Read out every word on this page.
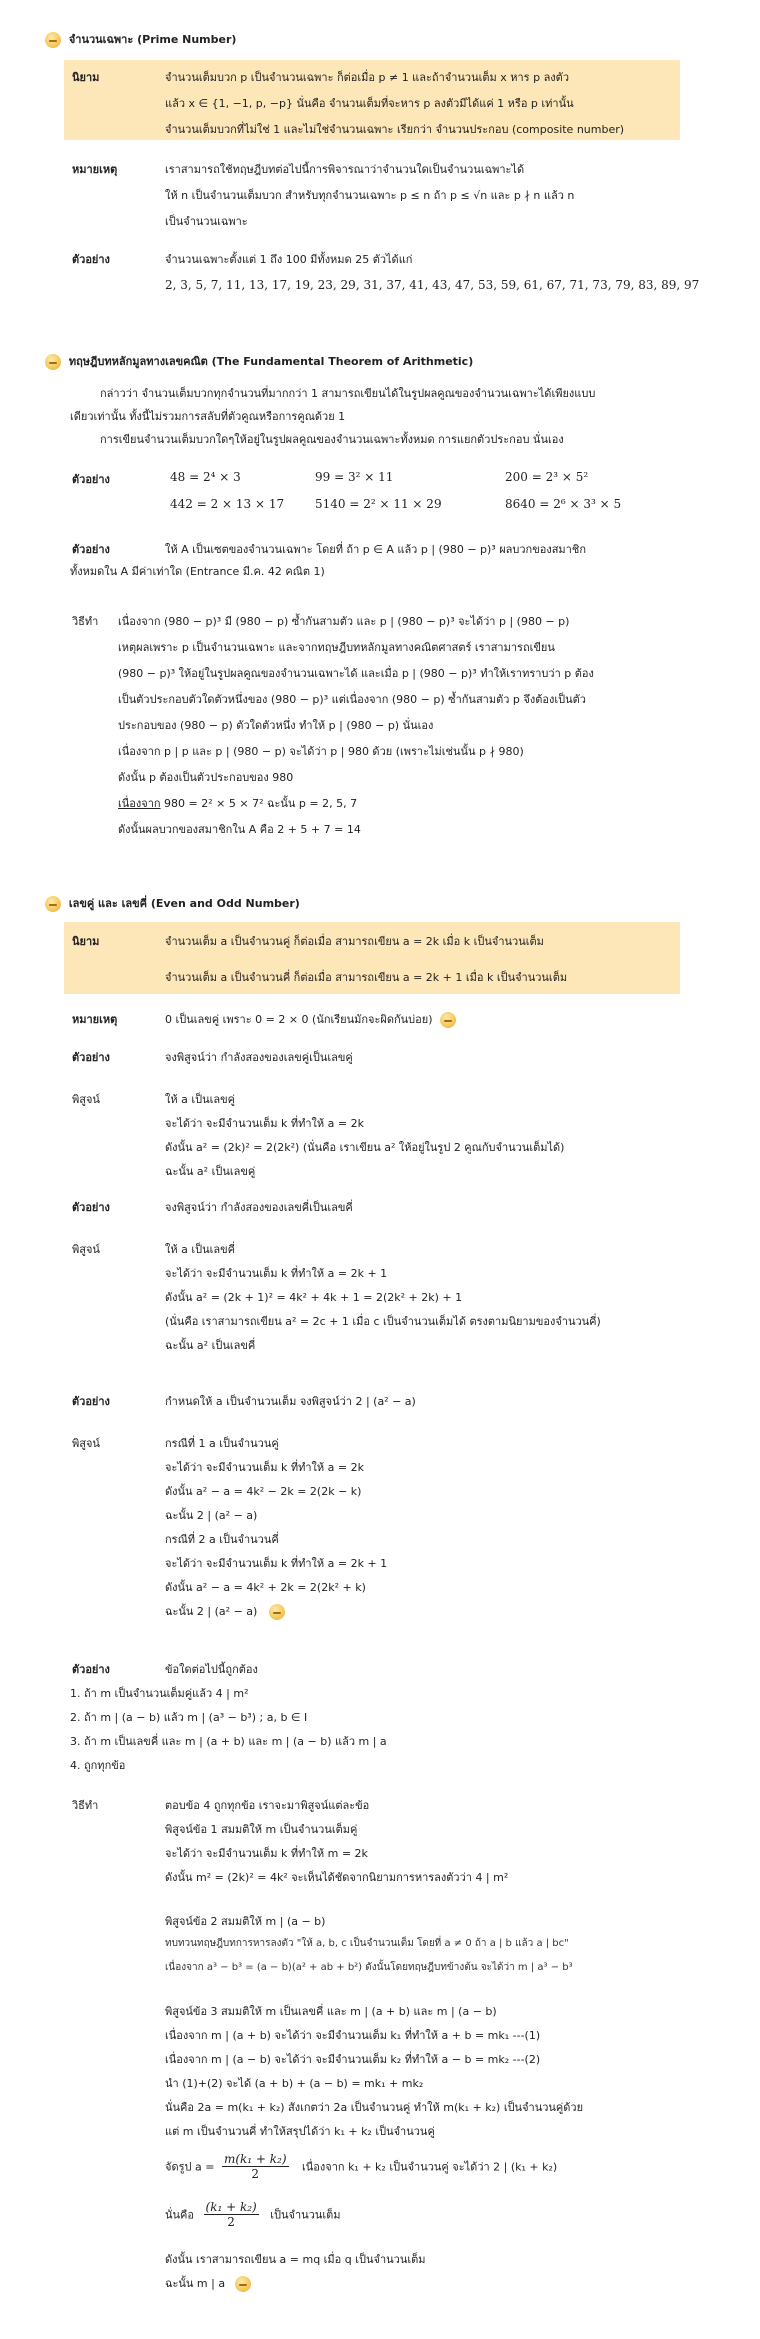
จำนวนเฉพาะ (Prime Number)
นิยาม	จำนวนเต็มบวก p เป็นจำนวนเฉพาะ ก็ต่อเมื่อ p ≠ 1 และถ้าจำนวนเต็ม x หาร p ลงตัว
แล้ว x ∈ {1, −1, p, −p} นั่นคือ จำนวนเต็มที่จะหาร p ลงตัวมีได้แค่ 1 หรือ p เท่านั้น
จำนวนเต็มบวกที่ไม่ใช่ 1 และไม่ใช่จำนวนเฉพาะ เรียกว่า จำนวนประกอบ (composite number)
หมายเหตุ	เราสามารถใช้ทฤษฎีบทต่อไปนี้การพิจารณาว่าจำนวนใดเป็นจำนวนเฉพาะได้
ให้ n เป็นจำนวนเต็มบวก สำหรับทุกจำนวนเฉพาะ p ≤ n ถ้า p ≤ √n และ p ∤ n แล้ว n
เป็นจำนวนเฉพาะ
ตัวอย่าง	จำนวนเฉพาะตั้งแต่ 1 ถึง 100 มีทั้งหมด 25 ตัวได้แก่
2, 3, 5, 7, 11, 13, 17, 19, 23, 29, 31, 37, 41, 43, 47, 53, 59, 61, 67, 71, 73, 79, 83, 89, 97
ทฤษฎีบทหลักมูลทางเลขคณิต (The Fundamental Theorem of Arithmetic)
กล่าวว่า จำนวนเต็มบวกทุกจำนวนที่มากกว่า 1 สามารถเขียนได้ในรูปผลคูณของจำนวนเฉพาะได้เพียงแบบ
เดียวเท่านั้น ทั้งนี้ไม่รวมการสลับที่ตัวคูณหรือการคูณด้วย 1
การเขียนจำนวนเต็มบวกใดๆให้อยู่ในรูปผลคูณของจำนวนเฉพาะทั้งหมด การแยกตัวประกอบ นั่นเอง
ตัวอย่าง	48 = 2⁴ × 3	99 = 3² × 11	200 = 2³ × 5²
442 = 2 × 13 × 17	5140 = 2² × 11 × 29	8640 = 2⁶ × 3³ × 5
ตัวอย่าง	ให้ A เป็นเซตของจำนวนเฉพาะ โดยที่ ถ้า p ∈ A แล้ว p | (980 − p)³ ผลบวกของสมาชิก
ทั้งหมดใน A มีค่าเท่าใด (Entrance มี.ค. 42 คณิต 1)
วิธีทำ เนื่องจาก (980 − p)³ มี (980 − p) ซ้ำกันสามตัว และ p | (980 − p)³ จะได้ว่า p | (980 − p)
เหตุผลเพราะ p เป็นจำนวนเฉพาะ และจากทฤษฎีบทหลักมูลทางคณิตศาสตร์ เราสามารถเขียน
(980 − p)³ ให้อยู่ในรูปผลคูณของจำนวนเฉพาะได้ และเมื่อ p | (980 − p)³ ทำให้เราทราบว่า p ต้อง
เป็นตัวประกอบตัวใดตัวหนึ่งของ (980 − p)³ แต่เนื่องจาก (980 − p) ซ้ำกันสามตัว p จึงต้องเป็นตัว
ประกอบของ (980 − p) ตัวใดตัวหนึ่ง ทำให้ p | (980 − p) นั่นเอง
เนื่องจาก p | p และ p | (980 − p) จะได้ว่า p | 980 ด้วย (เพราะไม่เช่นนั้น p ∤ 980)
ดังนั้น p ต้องเป็นตัวประกอบของ 980
เนื่องจาก 980 = 2² × 5 × 7² ฉะนั้น p = 2, 5, 7
ดังนั้นผลบวกของสมาชิกใน A คือ 2 + 5 + 7 = 14
เลขคู่ และ เลขคี่ (Even and Odd Number)
นิยาม	จำนวนเต็ม a เป็นจำนวนคู่ ก็ต่อเมื่อ สามารถเขียน a = 2k เมื่อ k เป็นจำนวนเต็ม
จำนวนเต็ม a เป็นจำนวนคี่ ก็ต่อเมื่อ สามารถเขียน a = 2k + 1 เมื่อ k เป็นจำนวนเต็ม
หมายเหตุ	0 เป็นเลขคู่ เพราะ 0 = 2 × 0 (นักเรียนมักจะผิดกันบ่อย)
ตัวอย่าง	จงพิสูจน์ว่า กำลังสองของเลขคู่เป็นเลขคู่
พิสูจน์	ให้ a เป็นเลขคู่
จะได้ว่า จะมีจำนวนเต็ม k ที่ทำให้ a = 2k
ดังนั้น a² = (2k)² = 2(2k²) (นั่นคือ เราเขียน a² ให้อยู่ในรูป 2 คูณกับจำนวนเต็มได้)
ฉะนั้น a² เป็นเลขคู่
ตัวอย่าง	จงพิสูจน์ว่า กำลังสองของเลขคี่เป็นเลขคี่
พิสูจน์	ให้ a เป็นเลขคี่
จะได้ว่า จะมีจำนวนเต็ม k ที่ทำให้ a = 2k + 1
ดังนั้น a² = (2k + 1)² = 4k² + 4k + 1 = 2(2k² + 2k) + 1
(นั่นคือ เราสามารถเขียน a² = 2c + 1 เมื่อ c เป็นจำนวนเต็มได้ ตรงตามนิยามของจำนวนคี่)
ฉะนั้น a² เป็นเลขคี่
ตัวอย่าง	กำหนดให้ a เป็นจำนวนเต็ม จงพิสูจน์ว่า 2 | (a² − a)
พิสูจน์	กรณีที่ 1 a เป็นจำนวนคู่
จะได้ว่า จะมีจำนวนเต็ม k ที่ทำให้ a = 2k
ดังนั้น a² − a = 4k² − 2k = 2(2k − k)
ฉะนั้น 2 | (a² − a)
กรณีที่ 2 a เป็นจำนวนคี่
จะได้ว่า จะมีจำนวนเต็ม k ที่ทำให้ a = 2k + 1
ดังนั้น a² − a = 4k² + 2k = 2(2k² + k)
ฉะนั้น 2 | (a² − a)
ตัวอย่าง	ข้อใดต่อไปนี้ถูกต้อง
1. ถ้า m เป็นจำนวนเต็มคู่แล้ว 4 | m²
2. ถ้า m | (a − b) แล้ว m | (a³ − b³) ; a, b ∈ I
3. ถ้า m เป็นเลขคี่ และ m | (a + b) และ m | (a − b) แล้ว m | a
4. ถูกทุกข้อ
วิธีทำ	ตอบข้อ 4 ถูกทุกข้อ เราจะมาพิสูจน์แต่ละข้อ
พิสูจน์ข้อ 1 สมมติให้ m เป็นจำนวนเต็มคู่
จะได้ว่า จะมีจำนวนเต็ม k ที่ทำให้ m = 2k
ดังนั้น m² = (2k)² = 4k² จะเห็นได้ชัดจากนิยามการหารลงตัวว่า 4 | m²
พิสูจน์ข้อ 2 สมมติให้ m | (a − b)
ทบทวนทฤษฎีบทการหารลงตัว "ให้ a, b, c เป็นจำนวนเต็ม โดยที่ a ≠ 0 ถ้า a | b แล้ว a | bc"
เนื่องจาก a³ − b³ = (a − b)(a² + ab + b²) ดังนั้นโดยทฤษฎีบทข้างต้น จะได้ว่า m | a³ − b³
พิสูจน์ข้อ 3 สมมติให้ m เป็นเลขคี่ และ m | (a + b) และ m | (a − b)
เนื่องจาก m | (a + b) จะได้ว่า จะมีจำนวนเต็ม k₁ ที่ทำให้ a + b = mk₁ ---(1)
เนื่องจาก m | (a − b) จะได้ว่า จะมีจำนวนเต็ม k₂ ที่ทำให้ a − b = mk₂ ---(2)
นำ (1)+(2) จะได้ (a + b) + (a − b) = mk₁ + mk₂
นั่นคือ 2a = m(k₁ + k₂) สังเกตว่า 2a เป็นจำนวนคู่ ทำให้ m(k₁ + k₂) เป็นจำนวนคู่ด้วย
แต่ m เป็นจำนวนคี่ ทำให้สรุปได้ว่า k₁ + k₂ เป็นจำนวนคู่
จัดรูป $a = \frac{\text{m(k₁ + k₂)}}{2}$ เนื่องจาก k₁ + k₂ เป็นจำนวนคู่ จะได้ว่า 2 | (k₁ + k₂)
นั่นคือ $\frac{\text{(k₁ + k₂)}}{2}$ เป็นจำนวนเต็ม
ดังนั้น เราสามารถเขียน a = mq เมื่อ q เป็นจำนวนเต็ม
ฉะนั้น m | a
